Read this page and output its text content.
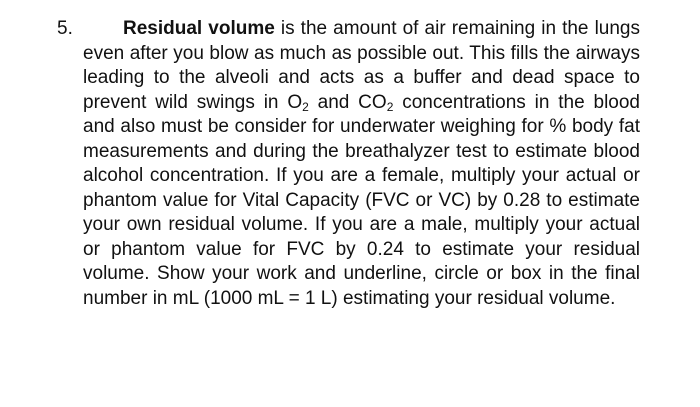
5.	Residual volume is the amount of air remaining in the lungs even after you blow as much as possible out. This fills the airways leading to the alveoli and acts as a buffer and dead space to prevent wild swings in $O_2$ and $CO_2$ concentrations in the blood and also must be consider for underwater weighing for % body fat measurements and during the breathalyzer test to estimate blood alcohol concentration. If you are a female, multiply your actual or phantom value for Vital Capacity (FVC or VC) by 0.28 to estimate your own residual volume. If you are a male, multiply your actual or phantom value for FVC by 0.24 to estimate your residual volume. Show your work and underline, circle or box in the final number in mL (1000 mL = 1 L) estimating your residual volume.
